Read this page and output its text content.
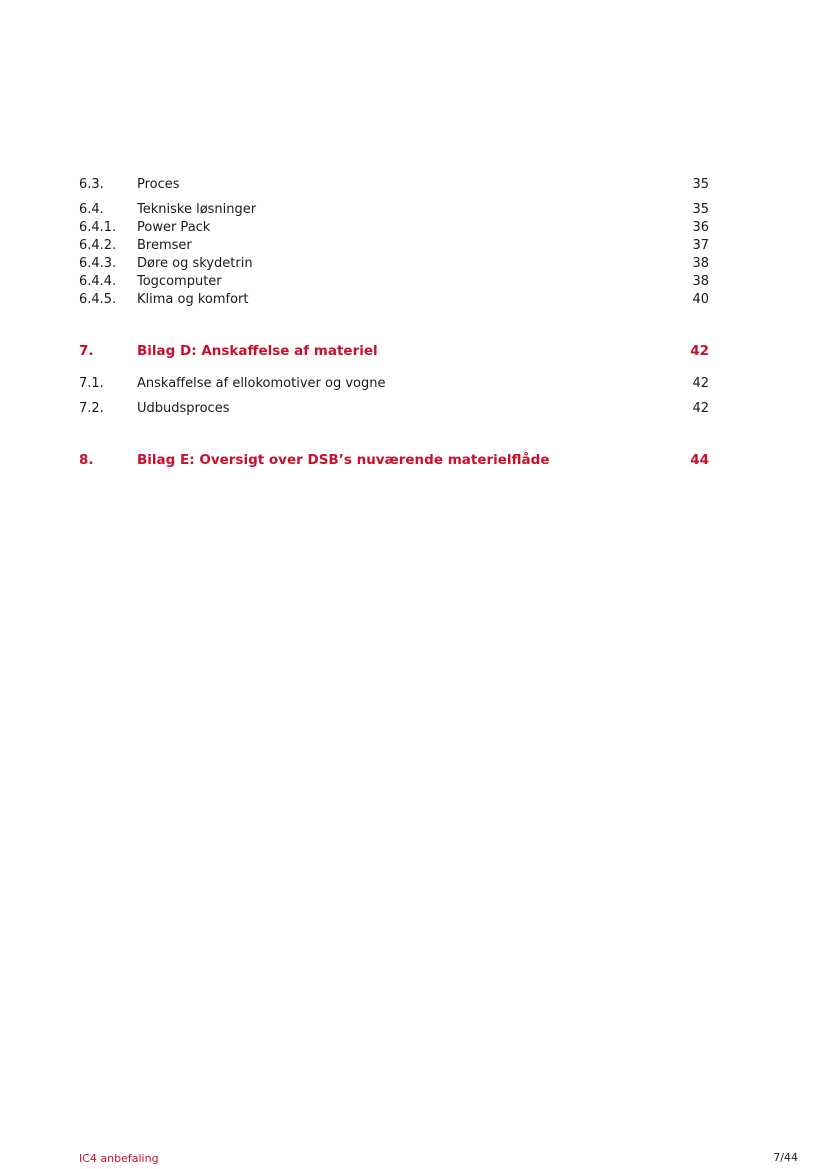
6.3.	Proces	35
6.4.	Tekniske løsninger	35
6.4.1. Power Pack	36
6.4.2. Bremser	37
6.4.3. Døre og skydetrin	38
6.4.4. Togcomputer	38
6.4.5. Klima og komfort	40
7.	Bilag D: Anskaffelse af materiel	42
7.1.	Anskaffelse af ellokomotiver og vogne	42
7.2.	Udbudsproces	42
8.	Bilag E: Oversigt over DSB’s nuværende materielflåde	44
IC4 anbefaling	7/44
